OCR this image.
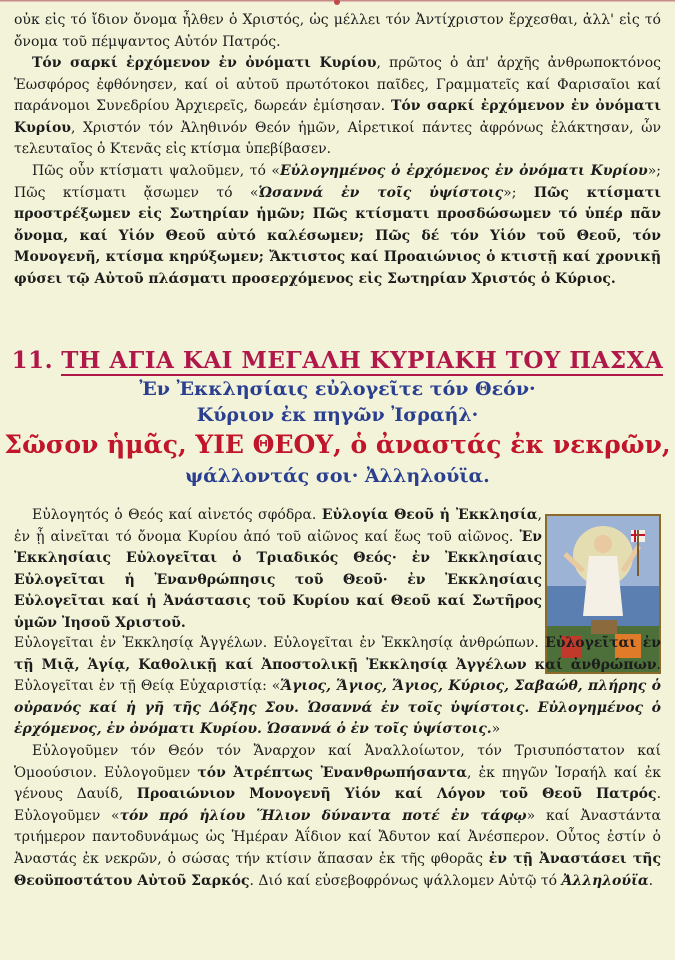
οὐκ εἰς τό ἴδιον ὄνομα ἦλθεν ὁ Χριστός, ὡς μέλλει τόν Ἀντίχριστον ἔρχεσθαι, ἀλλ' εἰς τό ὄνομα τοῦ πέμψαντος Αὐτόν Πατρός.

Τόν σαρκί ἐρχόμενον ἐν ὀνόματι Κυρίου, πρῶτος ὁ ἀπ' ἀρχῆς ἀνθρωποκτόνος Ἑωσφόρος ἐφθόνησεν, καί οἱ αὐτοῦ πρωτότοκοι παῖδες, Γραμματεῖς καί Φαρισαῖοι καί παράνομοι Συνεδρίου Ἀρχιερεῖς, δωρεάν ἐμίσησαν. Τόν σαρκί ἐρχόμενον ἐν ὀνόματι Κυρίου, Χριστόν τόν Ἀληθινόν Θεόν ἡμῶν, Αἱρετικοί πάντες ἀφρόνως ἐλάκτησαν, ὧν τελευταῖος ὁ Κτενᾶς εἰς κτίσμα ὑπεβίβασεν.

Πῶς οὖν κτίσματι ψαλοῦμεν, τό «Εὐλογημένος ὁ ἐρχόμενος ἐν ὀνόματι Κυρίου»; Πῶς κτίσματι ᾄσωμεν τό «Ὡσαννά ἐν τοῖς ὑψίστοις»; Πῶς κτίσματι προστρέξωμεν εἰς Σωτηρίαν ἡμῶν; Πῶς κτίσματι προσδώσωμεν τό ὑπέρ πᾶν ὄνομα, καί Υἱόν Θεοῦ αὐτό καλέσωμεν; Πῶς δέ τόν Υἱόν τοῦ Θεοῦ, τόν Μονογενῆ, κτίσμα κηρύξωμεν; Ἄκτιστος καί Προαιώνιος ὁ κτιστῇ καί χρονικῇ φύσει τῷ Αὐτοῦ πλάσματι προσερχόμενος εἰς Σωτηρίαν Χριστός ὁ Κύριος.

11. ΤΗ ΑΓΙΑ ΚΑΙ ΜΕΓΑΛΗ ΚΥΡΙΑΚΗ ΤΟΥ ΠΑΣΧΑ

Ἐν Ἐκκλησίαις εὐλογεῖτε τόν Θεόν·

Κύριον ἐκ πηγῶν Ἰσραήλ·

Σῶσον ἡμᾶς, ΥΙΕ ΘΕΟΥ, ὁ ἀναστάς ἐκ νεκρῶν,

ψάλλοντάς σοι· Ἀλληλούϊα.

Εὐλογητός ὁ Θεός καί αἰνετός σφόδρα. Εὐλογία Θεοῦ ἡ Ἐκκλησία, ἐν ᾗ αἰνεῖται τό ὄνομα Κυρίου ἀπό τοῦ αἰῶνος καί ἕως τοῦ αἰῶνος. Ἐν Ἐκκλησίαις Εὐλογεῖται ὁ Τριαδικός Θεός· ἐν Ἐκκλησίαις Εὐλογεῖται ἡ Ἐνανθρώπησις τοῦ Θεοῦ· ἐν Ἐκκλησίαις Εὐλογεῖται καί ἡ Ἀνάστασις τοῦ Κυρίου καί Θεοῦ καί Σωτῆρος ὑμῶν Ἰησοῦ Χριστοῦ.

Εὐλογεῖται ἐν Ἐκκλησίᾳ Ἀγγέλων. Εὐλογεῖται ἐν Ἐκκλησίᾳ ἀνθρώπων. Εὐλογεῖται ἐν τῇ Μιᾷ, Ἁγίᾳ, Καθολικῇ καί Ἀποστολικῇ Ἐκκλησίᾳ Ἀγγέλων καί ἀνθρώπων. Εὐλογεῖται ἐν τῇ Θείᾳ Εὐχαριστίᾳ: «Ἅγιος, Ἅγιος, Ἅγιος, Κύριος, Σαβαώθ, πλήρης ὁ οὐρανός καί ἡ γῆ τῆς Δόξης Σου. Ὡσαννά ἐν τοῖς ὑψίστοις. Εὐλογημένος ὁ ἐρχόμενος, ἐν ὀνόματι Κυρίου. Ὡσαννά ὁ ἐν τοῖς ὑψίστοις.»

Εὐλογοῦμεν τόν Θεόν τόν Ἄναρχον καί Ἀναλλοίωτον, τόν Τρισυπόστατον καί Ὁμοούσιον. Εὐλογοῦμεν τόν Ἀτρέπτως Ἐνανθρωπήσαντα, ἐκ πηγῶν Ἰσραήλ καί ἐκ γένους Δαυίδ, Προαιώνιον Μονογενῆ Υἱόν καί Λόγον τοῦ Θεοῦ Πατρός. Εὐλογοῦμεν «τόν πρό ἡλίου Ἥλιον δύναντα ποτέ ἐν τάφῳ» καί Ἀναστάντα τριήμερον παντοδυνάμως ὡς Ἡμέραν Ἀΐδιον καί Ἄδυτον καί Ἀνέσπερον. Οὗτος ἐστίν ὁ Ἀναστάς ἐκ νεκρῶν, ὁ σώσας τήν κτίσιν ἅπασαν ἐκ τῆς φθορᾶς ἐν τῇ Ἀναστάσει τῆς Θεοϋποστάτου Αὐτοῦ Σαρκός. Διό καί εὐσεβοφρόνως ψάλλομεν Αὐτῷ τό Ἀλληλούϊα.
